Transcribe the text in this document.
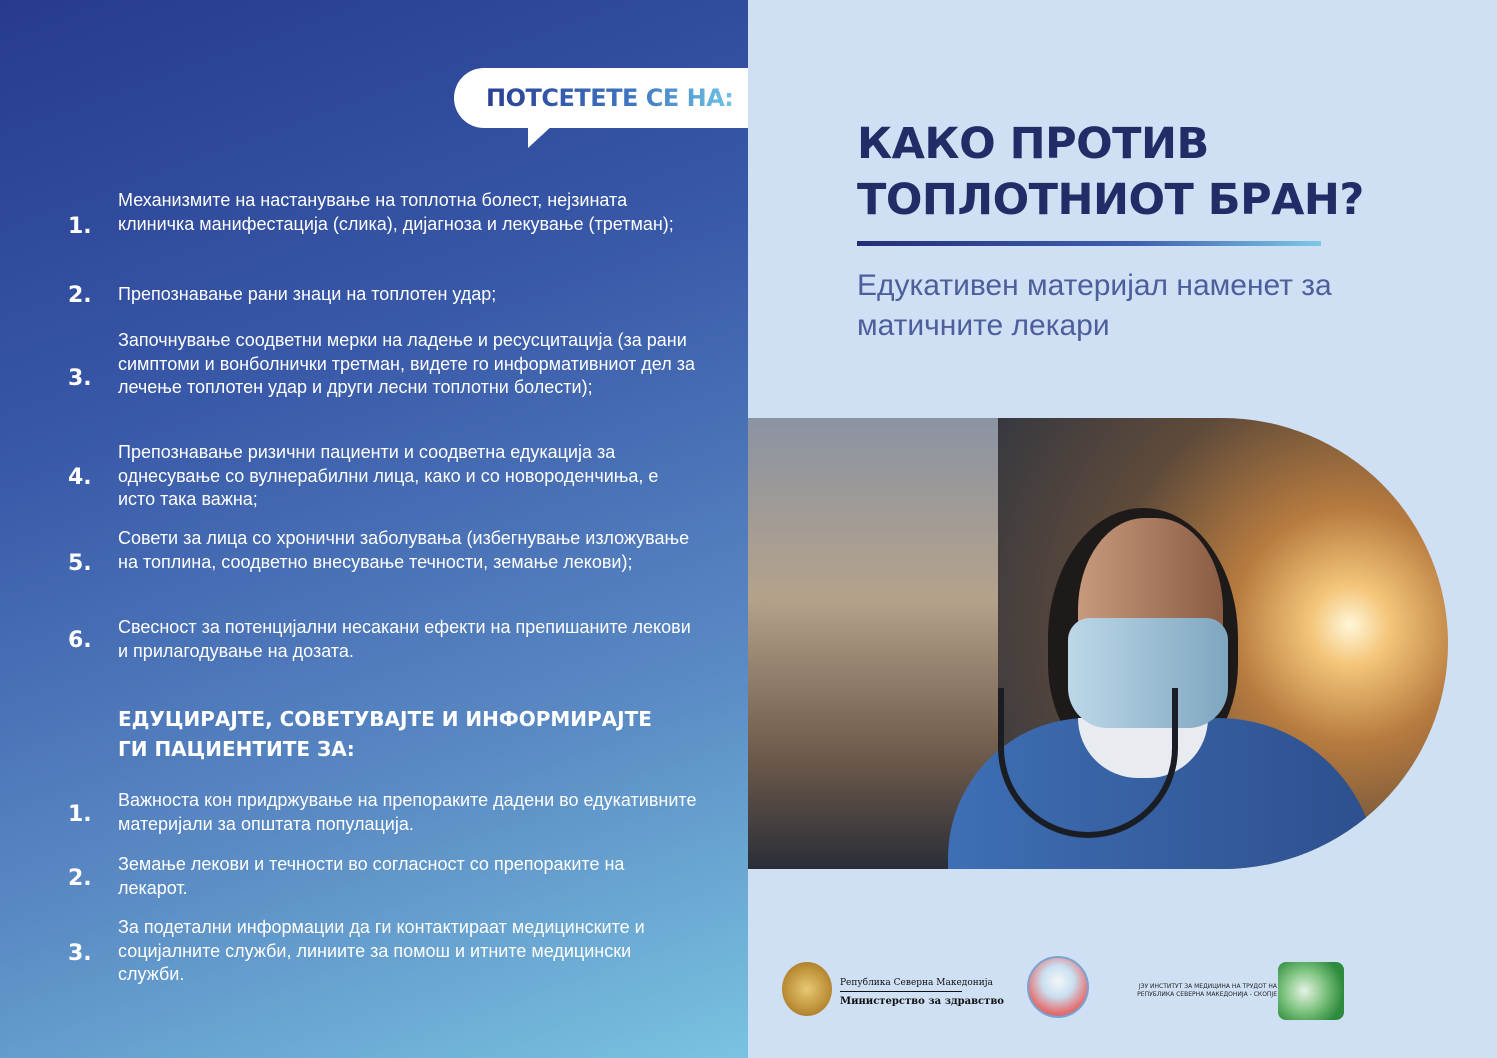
ПОТСЕТЕТЕ СЕ НА:
1.
Механизмите на настанување на топлотна болест, нејзината клиничка манифестација (слика), дијагноза и лекување (третман);
2. Препознавање рани знаци на топлотен удар;
3.
Започнување соодветни мерки на ладење и ресусцитација (за рани симптоми и вонболнички третман, видете го информативниот дел за лечење топлотен удар и други лесни топлотни болести);
4.
Препознавање ризични пациенти и соодветна едукација за однесување со вулнерабилни лица, како и со новороденчиња, е исто така важна;
5.
Совети за лица со хронични заболувања (избегнување изложување на топлина, соодветно внесување течности, земање лекови);
6.
Свесност за потенцијални несакани ефекти на препишаните лекови и прилагодување на дозата.
ЕДУЦИРАЈТЕ, СОВЕТУВАЈТЕ И ИНФОРМИРАЈТЕ ГИ ПАЦИЕНТИТЕ ЗА:
1.
Важноста кон придржување на препораките дадени во едукативните материјали за општата популација.
2.
Земање лекови и течности во согласност со препораките на лекарот.
3.
За подетални информации да ги контактираат медицинските и социјалните служби, линиите за помош и итните медицински служби.
КАКО ПРОТИВ ТОПЛОТНИОТ БРАН?
Едукативен материјал наменет за матичните лекари
Република Северна Македонија
Министерство за здравство
ЈЗУ ИНСТИТУТ ЗА МЕДИЦИНА НА ТРУДОТ НА РЕПУБЛИКА СЕВЕРНА МАКЕДОНИЈА - СКОПЈЕ
